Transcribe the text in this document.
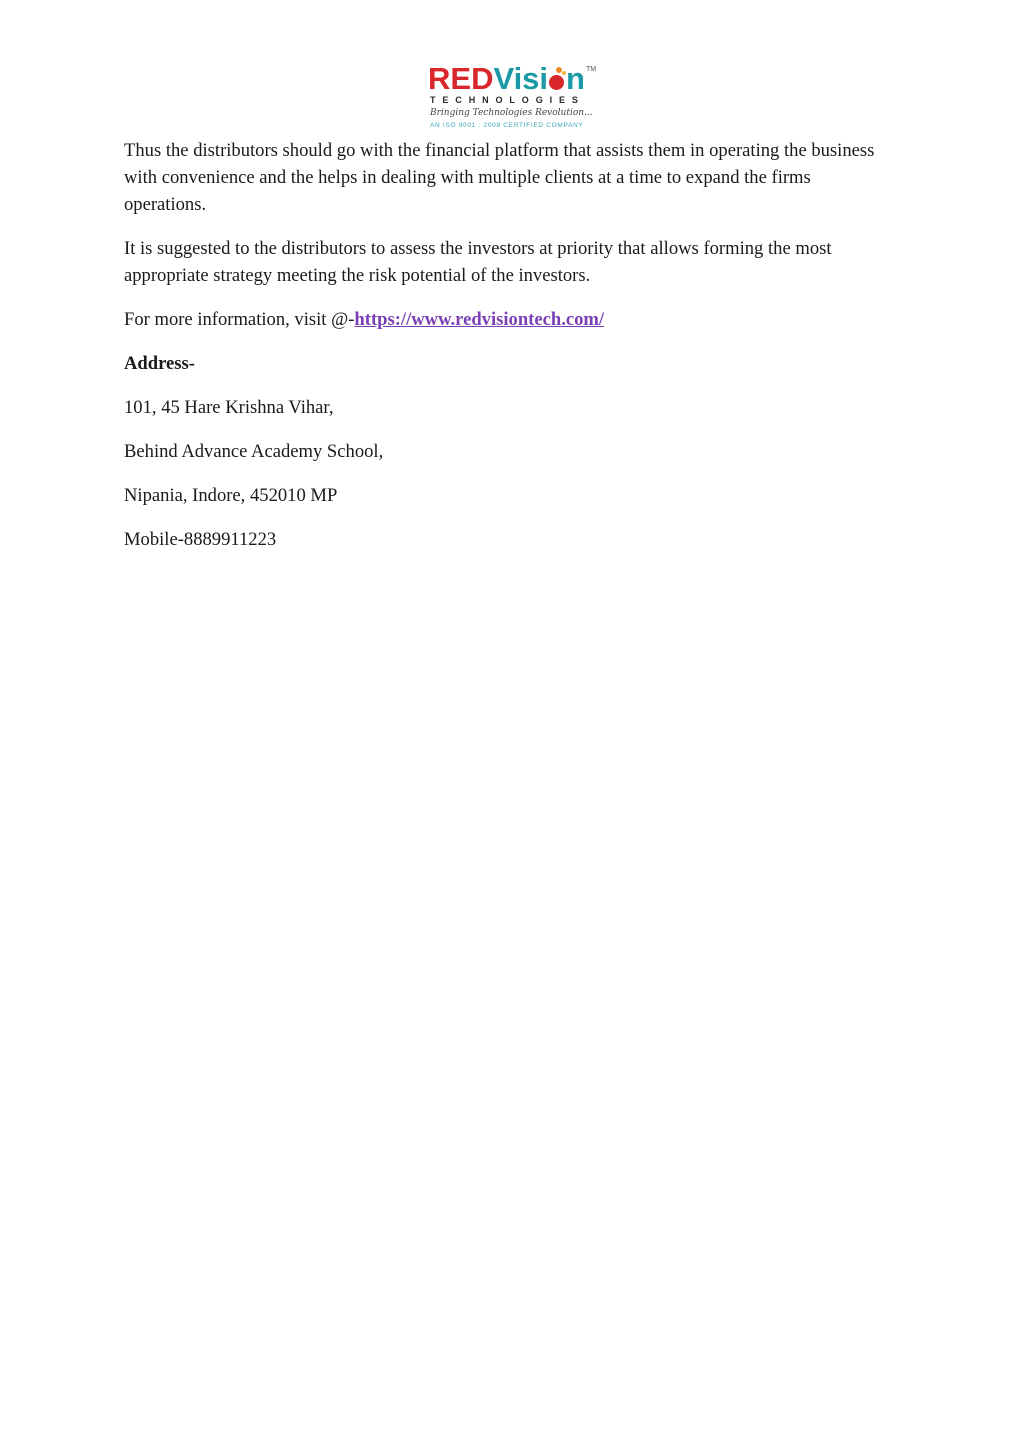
REDVisi n TM
TECHNOLOGIES
Bringing Technologies Revolution...
AN ISO 9001 : 2008 CERTIFIED COMPANY

Thus the distributors should go with the financial platform that assists them in operating the business with convenience and the helps in dealing with multiple clients at a time to expand the firms operations.

It is suggested to the distributors to assess the investors at priority that allows forming the most appropriate strategy meeting the risk potential of the investors.

For more information, visit @-https://www.redvisiontech.com/

Address-

101, 45 Hare Krishna Vihar,

Behind Advance Academy School,

Nipania, Indore, 452010 MP

Mobile-8889911223
